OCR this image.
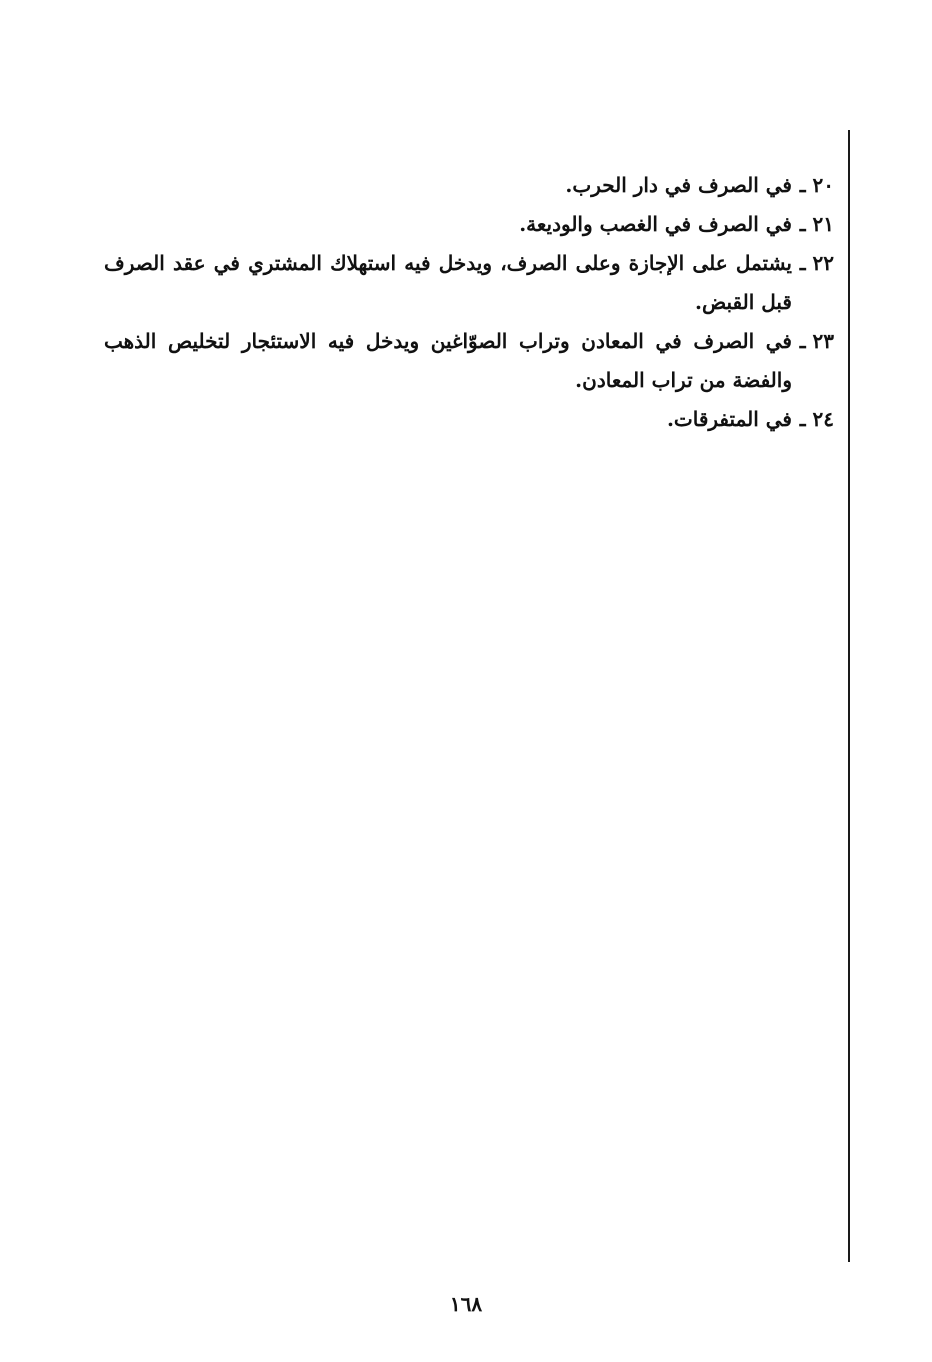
٢٠ ـفي الصرف في دار الحرب.

٢١ ـفي الصرف في الغصب والوديعة.

٢٢ ـيشتمل على الإجازة وعلى الصرف، ويدخل فيه استهلاك المشتري في عقد الصرف قبل القبض.

٢٣ ـفي الصرف في المعادن وتراب الصوّاغين ويدخل فيه الاستئجار لتخليص الذهب والفضة من تراب المعادن.

٢٤ ـفي المتفرقات.

١٦٨
